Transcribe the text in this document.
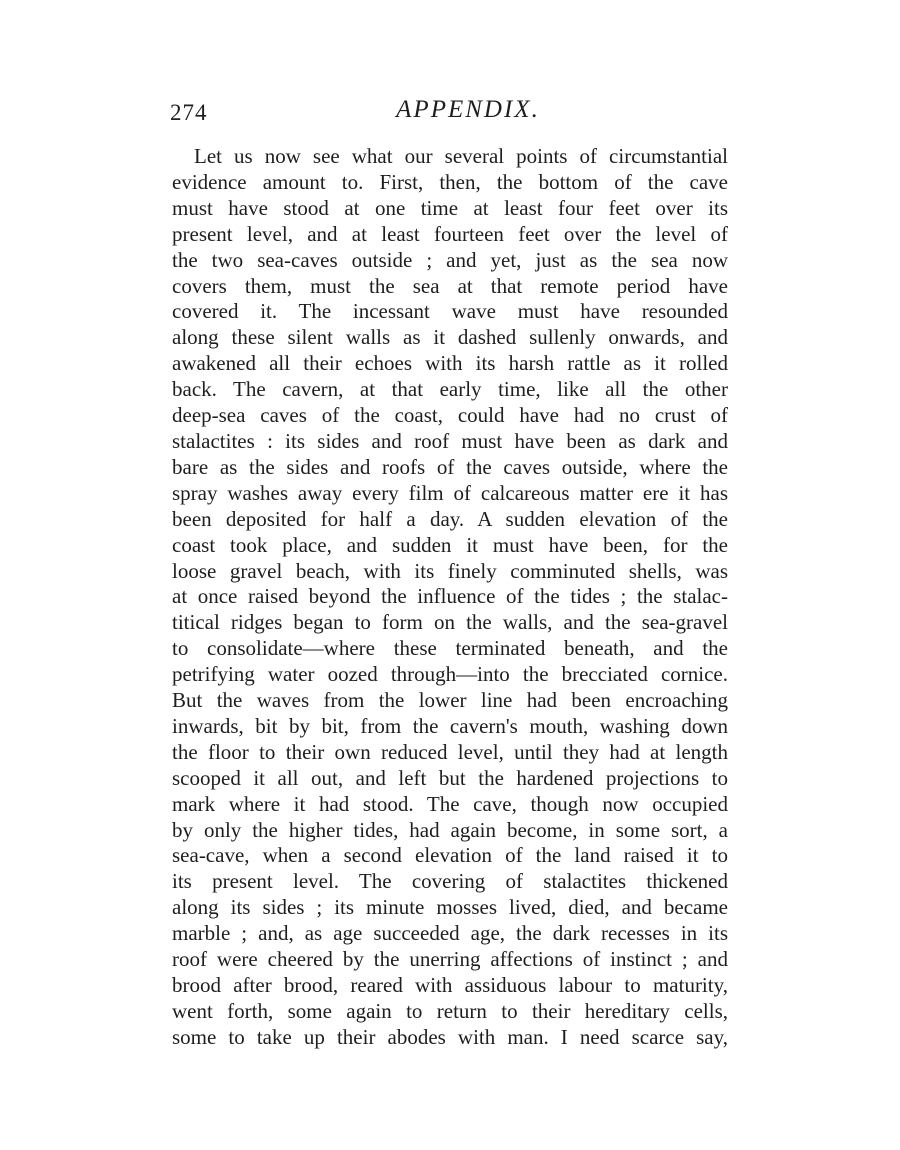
274	APPENDIX.

Let us now see what our several points of circumstantial
evidence amount to. First, then, the bottom of the cave
must have stood at one time at least four feet over its
present level, and at least fourteen feet over the level of
the two sea-caves outside ; and yet, just as the sea now
covers them, must the sea at that remote period have
covered it. The incessant wave must have resounded
along these silent walls as it dashed sullenly onwards, and
awakened all their echoes with its harsh rattle as it rolled
back. The cavern, at that early time, like all the other
deep-sea caves of the coast, could have had no crust of
stalactites : its sides and roof must have been as dark and
bare as the sides and roofs of the caves outside, where the
spray washes away every film of calcareous matter ere it has
been deposited for half a day. A sudden elevation of the
coast took place, and sudden it must have been, for the
loose gravel beach, with its finely comminuted shells, was
at once raised beyond the influence of the tides ; the stalac-
titical ridges began to form on the walls, and the sea-gravel
to consolidate—where these terminated beneath, and the
petrifying water oozed through—into the brecciated cornice.
But the waves from the lower line had been encroaching
inwards, bit by bit, from the cavern's mouth, washing down
the floor to their own reduced level, until they had at length
scooped it all out, and left but the hardened projections to
mark where it had stood. The cave, though now occupied
by only the higher tides, had again become, in some sort, a
sea-cave, when a second elevation of the land raised it to
its present level. The covering of stalactites thickened
along its sides ; its minute mosses lived, died, and became
marble ; and, as age succeeded age, the dark recesses in its
roof were cheered by the unerring affections of instinct ; and
brood after brood, reared with assiduous labour to maturity,
went forth, some again to return to their hereditary cells,
some to take up their abodes with man. I need scarce say,
